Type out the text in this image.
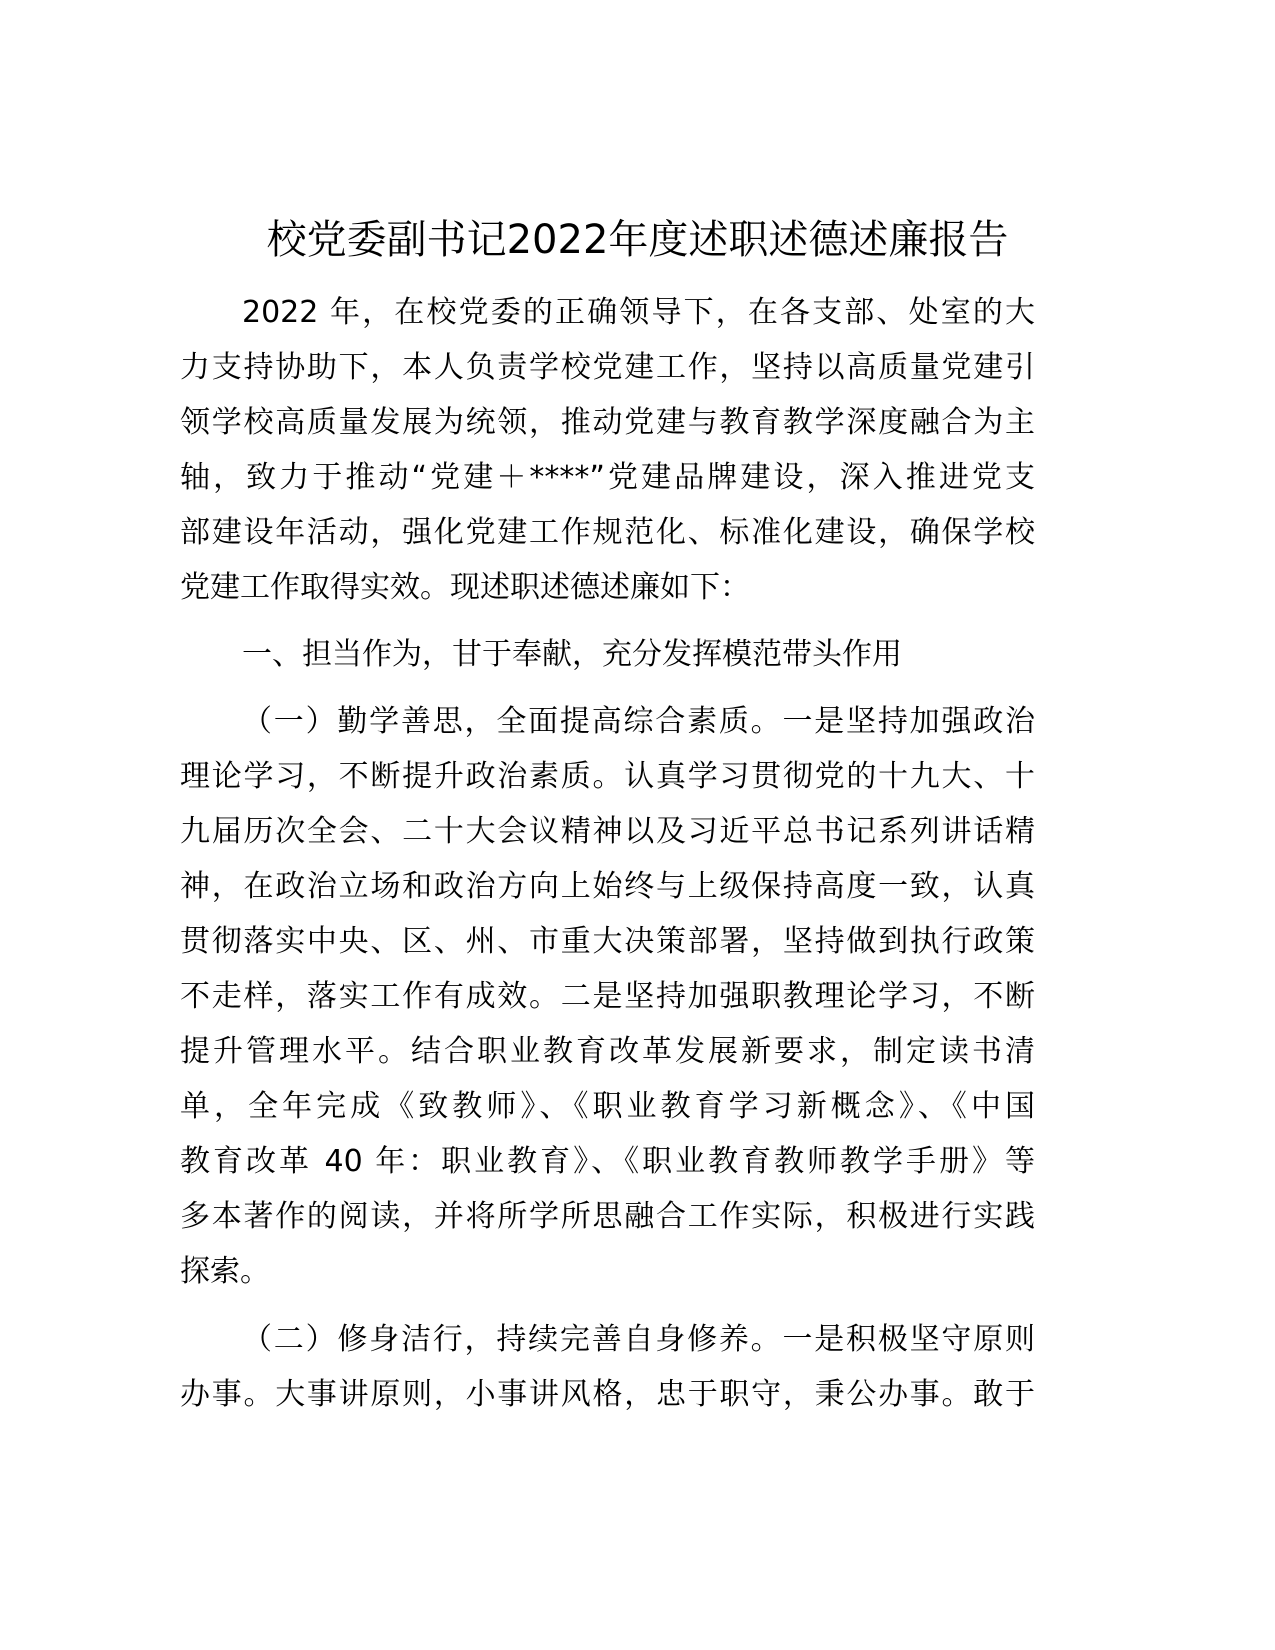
校党委副书记2022年度述职述德述廉报告
2022 年，在校党委的正确领导下，在各支部、处室的大
力支持协助下，本人负责学校党建工作，坚持以高质量党建引
领学校高质量发展为统领，推动党建与教育教学深度融合为主
轴，致力于推动“党建＋****”党建品牌建设，深入推进党支
部建设年活动，强化党建工作规范化、标准化建设，确保学校
党建工作取得实效。现述职述德述廉如下：
一、担当作为，甘于奉献，充分发挥模范带头作用
（一）勤学善思，全面提高综合素质。一是坚持加强政治
理论学习，不断提升政治素质。认真学习贯彻党的十九大、十
九届历次全会、二十大会议精神以及习近平总书记系列讲话精
神，在政治立场和政治方向上始终与上级保持高度一致，认真
贯彻落实中央、区、州、市重大决策部署，坚持做到执行政策
不走样，落实工作有成效。二是坚持加强职教理论学习，不断
提升管理水平。结合职业教育改革发展新要求，制定读书清
单，全年完成《致教师》、《职业教育学习新概念》、《中国
教育改革 40 年：职业教育》、《职业教育教师教学手册》等
多本著作的阅读，并将所学所思融合工作实际，积极进行实践
探索。
（二）修身洁行，持续完善自身修养。一是积极坚守原则
办事。大事讲原则，小事讲风格，忠于职守，秉公办事。敢于
